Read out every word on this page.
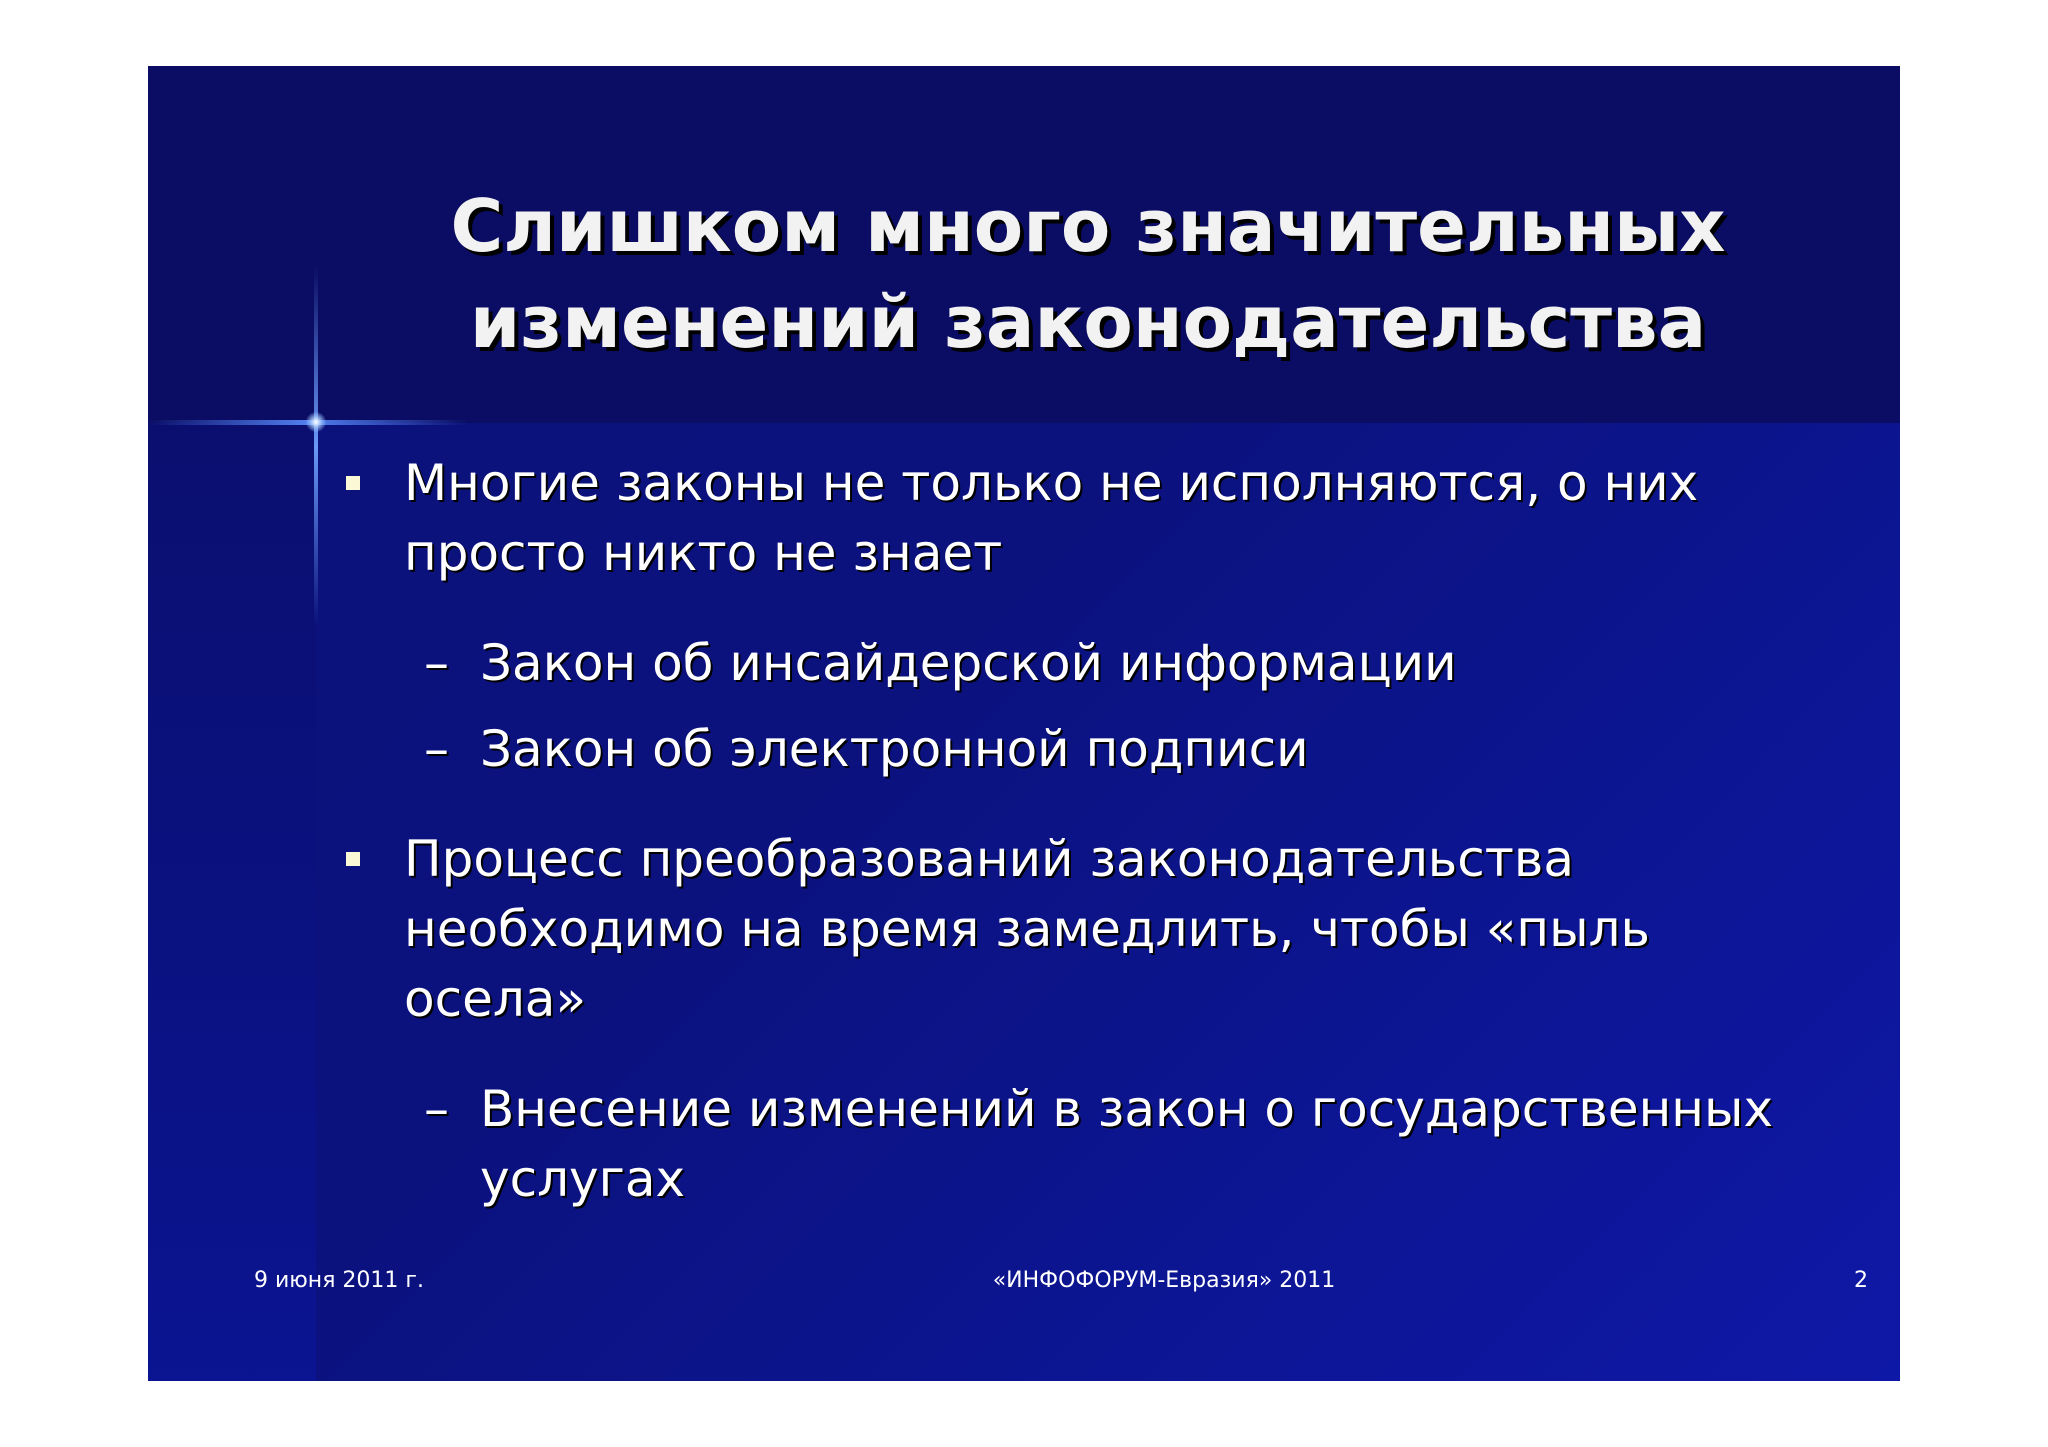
Слишком много значительных
изменений законодательства

Многие законы не только не исполняются, о них

просто никто не знает

– Закон об инсайдерской информации

– Закон об электронной подписи

Процесс преобразований законодательства

необходимо на время замедлить, чтобы «пыль

осела»

– Внесение изменений в закон о государственных

услугах

9 июня 2011 г.	«ИНФОФОРУМ-Евразия» 2011	2
